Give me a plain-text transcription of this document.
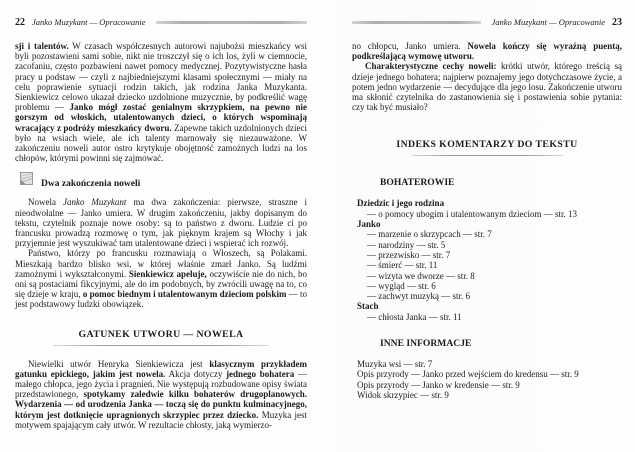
22 Janko Muzykant — Opracowanie

sji i talentów. W czasach współczesnych autorowi najubożsi mieszkańcy wsi byli pozostawieni sami sobie, nikt nie troszczył się o ich los, żyli w ciemnocie, zacofaniu, często pozbawieni nawet pomocy medycznej. Pozytywistyczne hasła pracy u podstaw — czyli z najbiedniejszymi klasami społecznymi — miały na celu poprawienie sytuacji rodzin takich, jak rodzina Janka Muzykanta. Sienkiewicz celowo ukazał dziecko uzdolnione muzycznie, by podkreślić wagę problemu — Janko mógł zostać genialnym skrzypkiem, na pewno nie gorszym od włoskich, utalentowanych dzieci, o których wspominają wracający z podróży mieszkańcy dworu. Zapewne takich uzdolnionych dzieci było na wsiach wiele, ale ich talenty marnowały się niezauważone. W zakończeniu noweli autor ostro krytykuje obojętność zamożnych ludzi na los chłopów, którymi powinni się zajmować.

Dwa zakończenia noweli

Nowela Janko Muzykant ma dwa zakończenia: pierwsze, straszne i nieodwołalne — Janko umiera. W drugim zakończeniu, jakby dopisanym do tekstu, czytelnik poznaje nowe osoby: są to państwo z dworu. Ludzie ci po francusku prowadzą rozmowę o tym, jak pięknym krajem są Włochy i jak przyjemnie jest wyszukiwać tam utalentowane dzieci i wspierać ich rozwój.

Państwo, którzy po francusku rozmawiają o Włoszech, są Polakami. Mieszkają bardzo blisko wsi, w której właśnie zmarł Janko. Są ludźmi zamożnymi i wykształconymi. Sienkiewicz apeluje, oczywiście nie do nich, bo oni są postaciami fikcyjnymi, ale do im podobnych, by zwrócili uwagę na to, co się dzieje w kraju, o pomoc biednym i utalentowanym dzieciom polskim — to jest podstawowy ludzki obowiązek.

GATUNEK UTWORU — NOWELA

Niewielki utwór Henryka Sienkiewicza jest klasycznym przykładem gatunku epickiego, jakim jest nowela. Akcja dotyczy jednego bohatera — małego chłopca, jego życia i pragnień. Nie występują rozbudowane opisy świata przedstawionego, spotykamy zaledwie kilku bohaterów drugoplanowych. Wydarzenia — od urodzenia Janka — toczą się do punktu kulminacyjnego, którym jest dotknięcie upragnionych skrzypiec przez dziecko. Muzyka jest motywem spajającym cały utwór. W rezultacie chłosty, jaką wymierzo-

Janko Muzykant — Opracowanie 23

no chłopcu, Janko umiera. Nowela kończy się wyraźną puentą, podkreślającą wymowę utworu.

Charakterystyczne cechy noweli: krótki utwór, którego treścią są dzieje jednego bohatera; najpierw poznajemy jego dotychczasowe życie, a potem jedno wydarzenie — decydujące dla jego losu. Zakończenie utworu ma skłonić czytelnika do zastanowienia się i postawienia sobie pytania: czy tak być musiało?

INDEKS KOMENTARZY DO TEKSTU
BOHATEROWIE
Dziedzic i jego rodzina
— o pomocy ubogim i utalentowanym dzieciom — str. 13
Janko
— marzenie o skrzypcach — str. 7
— narodziny — str. 5
— przezwisko — str. 7
— śmierć — str. 11
— wizyta we dworze — str. 8
— wygląd — str. 6
— zachwyt muzyką — str. 6
Stach
— chłosta Janka — str. 11
INNE INFORMACJE
Muzyka wsi — str. 7
Opis przyrody — Janko przed wejściem do kredensu — str. 9
Opis przyrody — Janko w kredensie — str. 9
Widok skrzypiec — str. 9
